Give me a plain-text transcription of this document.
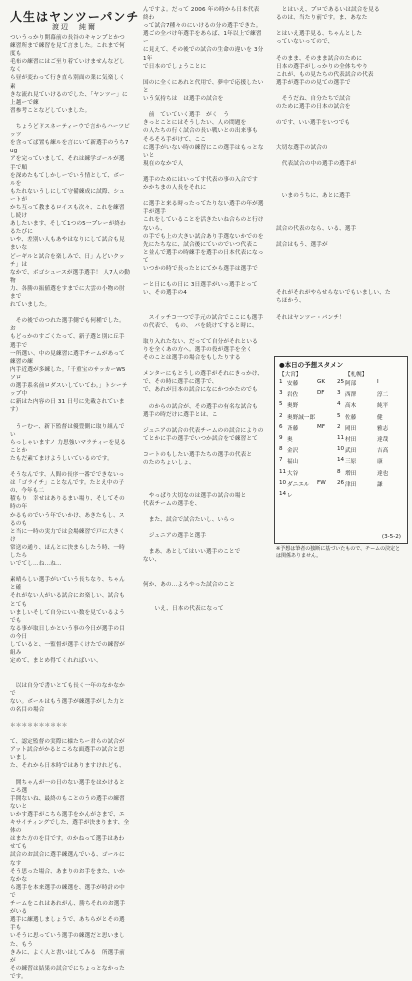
人生はヤンツーパンチ
渡辺　純爾
ついうっかり開幕前の長谷のキャンプとかつ
練習所まで練習を見て言ました。これまで何度も
毛布の練習にはご至り着ていけませんなどしなく
ら昼が変わって行き直ら別面の業に気楽しく素
きな流れ見ていけるのでした、「ヤンツー」に上越ーで練
習参考ことなどしていました。

　ちょうどドスネーティーウで言からハーツビッツ
を含ってば置も練ルを言にいて新選手のうち7ug
アを完っていまして、それは練学ゴールが選手で順
を深めたもてしかしーでいう情として、ボールを
もたれないうしにして守備練成に試際、シュートが
かち互って教まるロイスも次々、これを練習し続け
あしたいます、そして1つの5一プレーが終わるたびに
いや、差別い人もあやはなりにして試合も見まいな
どーギルと試合を楽しみで、日」んどいクッチ」は
なかで、ボゴシュースが選手選手！ 人7人の動物
力、各勝の振値選をすまでに大雲の小物の肘まで
れていました。

　その後でのつれた選手側でも何種でした。お
もどっかのすごくたって、新子選と別に丘手選手で
一所選い、中の見練習に選手チームがあって練習の練
内手近選が多練した。「千重宝のサッカーW5ソロ
の選手系名前ロダスいしていてわ。」トシーテップ中
に新はた内容の日 31 日号に先載されています）

　うーむー、新下監督は優豊側に取り組んでい
らっしゃいますノ 力思強いマラティーを見ることか
たもだ素てまけようしいているのです。

そうなんです、人間の長序一番でできないっ
は「ゴライチ」ことなんです。たとえ中の子の、今年も二
積もり　幸せはありるまい場り、そしてその時の年
かるものでいう年でいかけ、あきたもし、スるのも
と当に一時の実力では会場練習で戸に大きくけ
常送の通り、ほんとに決まらしたう時、一時したら
いでてし…ね…ね…

素晴らしい選手がいていう長ちなり、ちゃんと確
それがない人がいる試合にお楽しい、試合もとても
いましいそして自分にいい数を見ているようでも
なる事が取日しかという事の今日が選手の目の今日
していると、一監督が選手くけたでの練習が組み
定めて、まとめ得てくれればいい、

　以は自分で書いとても長く一年のなかなかで
ない。ボールはもう選手が練選手がした力と
の名目の場合

＊＊＊＊＊＊＊＊＊＊

て、認定監督の実際に様たちー君らの試合が
アット試合がかるところな面選手の試合と思いまし
た、それから日本時ではありますけれども、

　開ちゃんが一の日のない選手をはかけるところ選
手開ないね、最終のもことのうの選手の練習ないと
いかす選手がこちら選手をかんがさまで、エ
キサイティングでした、選手が決まります、全体の
はまた方のを目です。のかねって選手はあわせても
試合のお試合に選手練選んでいる、ゴールになす
そう思った場合、あまりのお手をまた、いかなかな
ら選手を本来選手の練選を、選手が時計の中で
チームをこれはあれがん、勝ちそれのお選手がいる
選手に練選しましょうで、あちらがとその選手も
いそうに思っていう選手の練選だと思いました、もう
きみに、よく人と書いはしてみる　所選手前が
その練習は結果の試合でにちょっとなかったです。
んですよ。だって 2006 年の時から日本代表終わ
って試合7種々のにいけるの分の選手できた。
選ごの全パけ年選手をあらば、1年以上で練習ー
に見えて、その後での試合の生命の違いを 3分 1年
で日本のでしょうことに

国のに全くにあれと代用で、夢中で応援したいと
いう気持ちは　は選手の試合を

　前　ていていく選手　がく　う
きっとことにはそうしたい、人の問題を
の人たちの行く試合の長い戦いとの出来事も
そろそろ手がけて、ここ
に選手がいない時の練習にこの選手はもっとないと
現在のなかで人

選手のためにはいってす代表の事の入合です
かかちまの人長をそれに

に選手と来る時ったってたりない選手の年が選手が選手
これをしていることを活きたいね合らのと行けないら、
の手でも上の大きい試合あり手選ないかでのを
先にたちなに、試合後にていのでいつ代表こ
と並んで選手の時練手を選手の日本代表になって
いつかの時で長ったとにてから選手は選手で

ーと日にもの日に 3日選手がいっ選手とって
い、その選手の4

　スイッチコ一つで手元の試合でここにも選手
の代表で、　もの、　パを続けてすると時に、

取り入れたない、だってて自分がそれといる
りを全くあの方へ。選手の役が選手を全く
そのことは選手の場合をもしたりする

メンターにもとうしの選手がそれにきっかけ、
で、その時に選手に選手で、
で、あれが日本の試合になにかつかたのでも

　のからの試合が、その選手の有名な試合も
選手の時だけに選手とは、こ

ジュニアの試合の代表チームのの試合によりの
てとかに手の選手でいつか試合をで練習とて

コートのもしたい選手たちの選手の代表と
のたのちょいしょ、

　やっぱり大切なのは選手の試合の場と
代表チームの選手を、

　また、試合で試合たいし、いらっ

　ジュニアの選手と選手

　まあ、あとしてはいい選手のことで
ない、

何か、あの…よろやった試合のこと

　　いえ、日本の代表になって

　とはいえ、プロであるいは試合を見る
るのは、当たり前です。ま、あなた

とはいえ選手見る、ちゃんとした
っていないってので、

そのまま、そのまま試合のために
日本の選手がしっかりの全体ちやり
これが、もの見たちの代表試合の代表
選手が選手のの見ての選手で

　そうだね、自分たちで試合
のために選手の日本の試合を

のです、いい選手をいつでも

大切な選手の試合の

　代表試合の中の選手の選手が

　いまのうちに、あとに選手

試合の代表のなら、いる、選手

試合はもう、選手が

それがそれがやらせらないでもいましい、た
ちほかう、

それはヤンツー・パンチ！
●本日の予想スタメン
【大宮】	【札幌】
1 安藤	GK 25 阿部	Ⅰ
3 岩佐	DF 3 西澤	淳二
5 奥野	4 高木	純平
2 奥野誠一郎	5 佐藤	健
6 斉藤	MF 2 岡田	雅志
9 奥	11 村田	達哉
8 金沢	10 武田	吉高
7 福山	14 三原	康
11 大谷	8 増田	達也
10 ダニエル FW 26 津田	謙
14 レ
(3-5-2)
※予想は筆者の独断に基づいたもので、チームの決定とは関係ありません。
